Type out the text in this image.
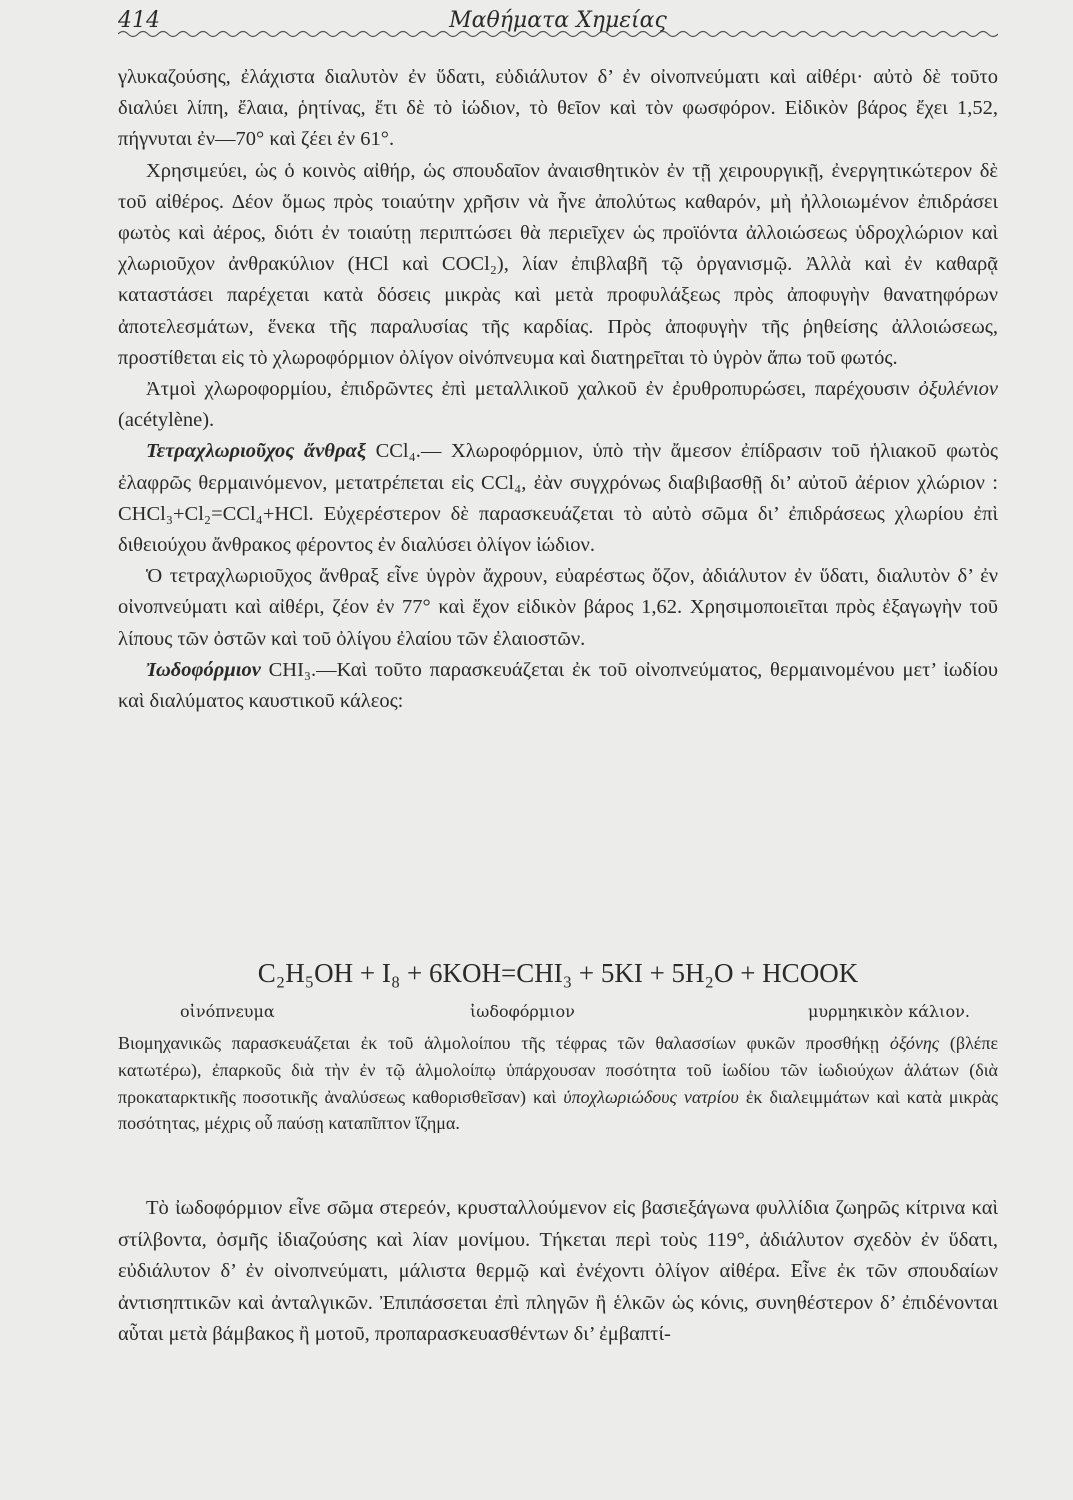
414	Μαθήματα Χημείας

γλυκαζούσης, ἐλάχιστα διαλυτὸν ἐν ὕδατι, εὐδιάλυτον δ’ ἐν οἰνοπνεύματι καὶ αἰθέρι· αὐτὸ δὲ τοῦτο διαλύει λίπη, ἔλαια, ῥητίνας, ἔτι δὲ τὸ ἰώδιον, τὸ θεῖον καὶ τὸν φωσφόρον. Εἰδικὸν βάρος ἔχει 1,52, πήγνυται ἐν—70° καὶ ζέει ἐν 61°.

Χρησιμεύει, ὡς ὁ κοινὸς αἰθήρ, ὡς σπουδαῖον ἀναισθητικὸν ἐν τῇ χειρουργικῇ, ἐνεργητικώτερον δὲ τοῦ αἰθέρος. Δέον ὅμως πρὸς τοιαύτην χρῆσιν νὰ ἦνε ἀπολύτως καθαρόν, μὴ ἠλλοιωμένον ἐπιδράσει φωτὸς καὶ ἀέρος, διότι ἐν τοιαύτῃ περιπτώσει θὰ περιεῖχεν ὡς προϊόντα ἀλλοιώσεως ὑδροχλώριον καὶ χλωριοῦχον ἀνθρακύλιον (HCl καὶ COCl₂), λίαν ἐπιβλαβῆ τῷ ὀργανισμῷ. Ἀλλὰ καὶ ἐν καθαρᾷ καταστάσει παρέχεται κατὰ δόσεις μικρὰς καὶ μετὰ προφυλάξεως πρὸς ἀποφυγὴν θανατηφόρων ἀποτελεσμάτων, ἕνεκα τῆς παραλυσίας τῆς καρδίας. Πρὸς ἀποφυγὴν τῆς ῥηθείσης ἀλλοιώσεως, προστίθεται εἰς τὸ χλωροφόρμιον ὀλίγον οἰνόπνευμα καὶ διατηρεῖται τὸ ὑγρὸν ἄπω τοῦ φωτός.

Ἀτμοὶ χλωροφορμίου, ἐπιδρῶντες ἐπὶ μεταλλικοῦ χαλκοῦ ἐν ἐρυθροπυρώσει, παρέχουσιν ὀξυλένιον (acétylène).

Τετραχλωριοῦχος ἄνθραξ CCl₄.— Χλωροφόρμιον, ὑπὸ τὴν ἄμεσον ἐπίδρασιν τοῦ ἡλιακοῦ φωτὸς ἐλαφρῶς θερμαινόμενον, μετατρέπεται εἰς CCl₄, ἐὰν συγχρόνως διαβιβασθῇ δι’ αὐτοῦ ἀέριον χλώριον : CHCl₃+Cl₂=CCl₄+HCl. Εὐχερέστερον δὲ παρασκευάζεται τὸ αὐτὸ σῶμα δι’ ἐπιδράσεως χλωρίου ἐπὶ διθειούχου ἄνθρακος φέροντος ἐν διαλύσει ὀλίγον ἰώδιον.

Ὁ τετραχλωριοῦχος ἄνθραξ εἶνε ὑγρὸν ἄχρουν, εὐαρέστως ὄζον, ἀδιάλυτον ἐν ὕδατι, διαλυτὸν δ’ ἐν οἰνοπνεύματι καὶ αἰθέρι, ζέον ἐν 77° καὶ ἔχον εἰδικὸν βάρος 1,62. Χρησιμοποιεῖται πρὸς ἐξαγωγὴν τοῦ λίπους τῶν ὀστῶν καὶ τοῦ ὀλίγου ἐλαίου τῶν ἐλαιοστῶν.

Ἰωδοφόρμιον CHI₃.—Καὶ τοῦτο παρασκευάζεται ἐκ τοῦ οἰνοπνεύματος, θερμαινομένου μετ’ ἰωδίου καὶ διαλύματος καυστικοῦ κάλεος:

C₂H₅OH + I₈ + 6KOH=CHI₃ + 5KI + 5H₂O + HCOOK
οἰνόπνευμα	ἰωδοφόρμιον	μυρμηκικὸν κάλιον.

Βιομηχανικῶς παρασκευάζεται ἐκ τοῦ ἁλμολοίπου τῆς τέφρας τῶν θαλασσίων φυκῶν προσθήκῃ ὀξόνης (βλέπε κατωτέρω), ἐπαρκοῦς διὰ τὴν ἐν τῷ ἁλμολοίπῳ ὑπάρχουσαν ποσότητα τοῦ ἰωδίου τῶν ἰωδιούχων ἁλάτων (διὰ προκαταρκτικῆς ποσοτικῆς ἀναλύσεως καθορισθεῖσαν) καὶ ὑποχλωριώδους νατρίου ἐκ διαλειμμάτων καὶ κατὰ μικρὰς ποσότητας, μέχρις οὗ παύσῃ καταπῖπτον ἴζημα.

Τὸ ἰωδοφόρμιον εἶνε σῶμα στερεόν, κρυσταλλούμενον εἰς βασιεξάγωνα φυλλίδια ζωηρῶς κίτρινα καὶ στίλβοντα, ὀσμῆς ἰδιαζούσης καὶ λίαν μονίμου. Τήκεται περὶ τοὺς 119°, ἀδιάλυτον σχεδὸν ἐν ὕδατι, εὐδιάλυτον δ’ ἐν οἰνοπνεύματι, μάλιστα θερμῷ καὶ ἐνέχοντι ὀλίγον αἰθέρα. Εἶνε ἐκ τῶν σπουδαίων ἀντισηπτικῶν καὶ ἀνταλγικῶν. Ἐπιπάσσεται ἐπὶ πληγῶν ἢ ἑλκῶν ὡς κόνις, συνηθέστερον δ’ ἐπιδένονται αὗται μετὰ βάμβακος ἢ μοτοῦ, προπαρασκευασθέντων δι’ ἐμβαπτί-
